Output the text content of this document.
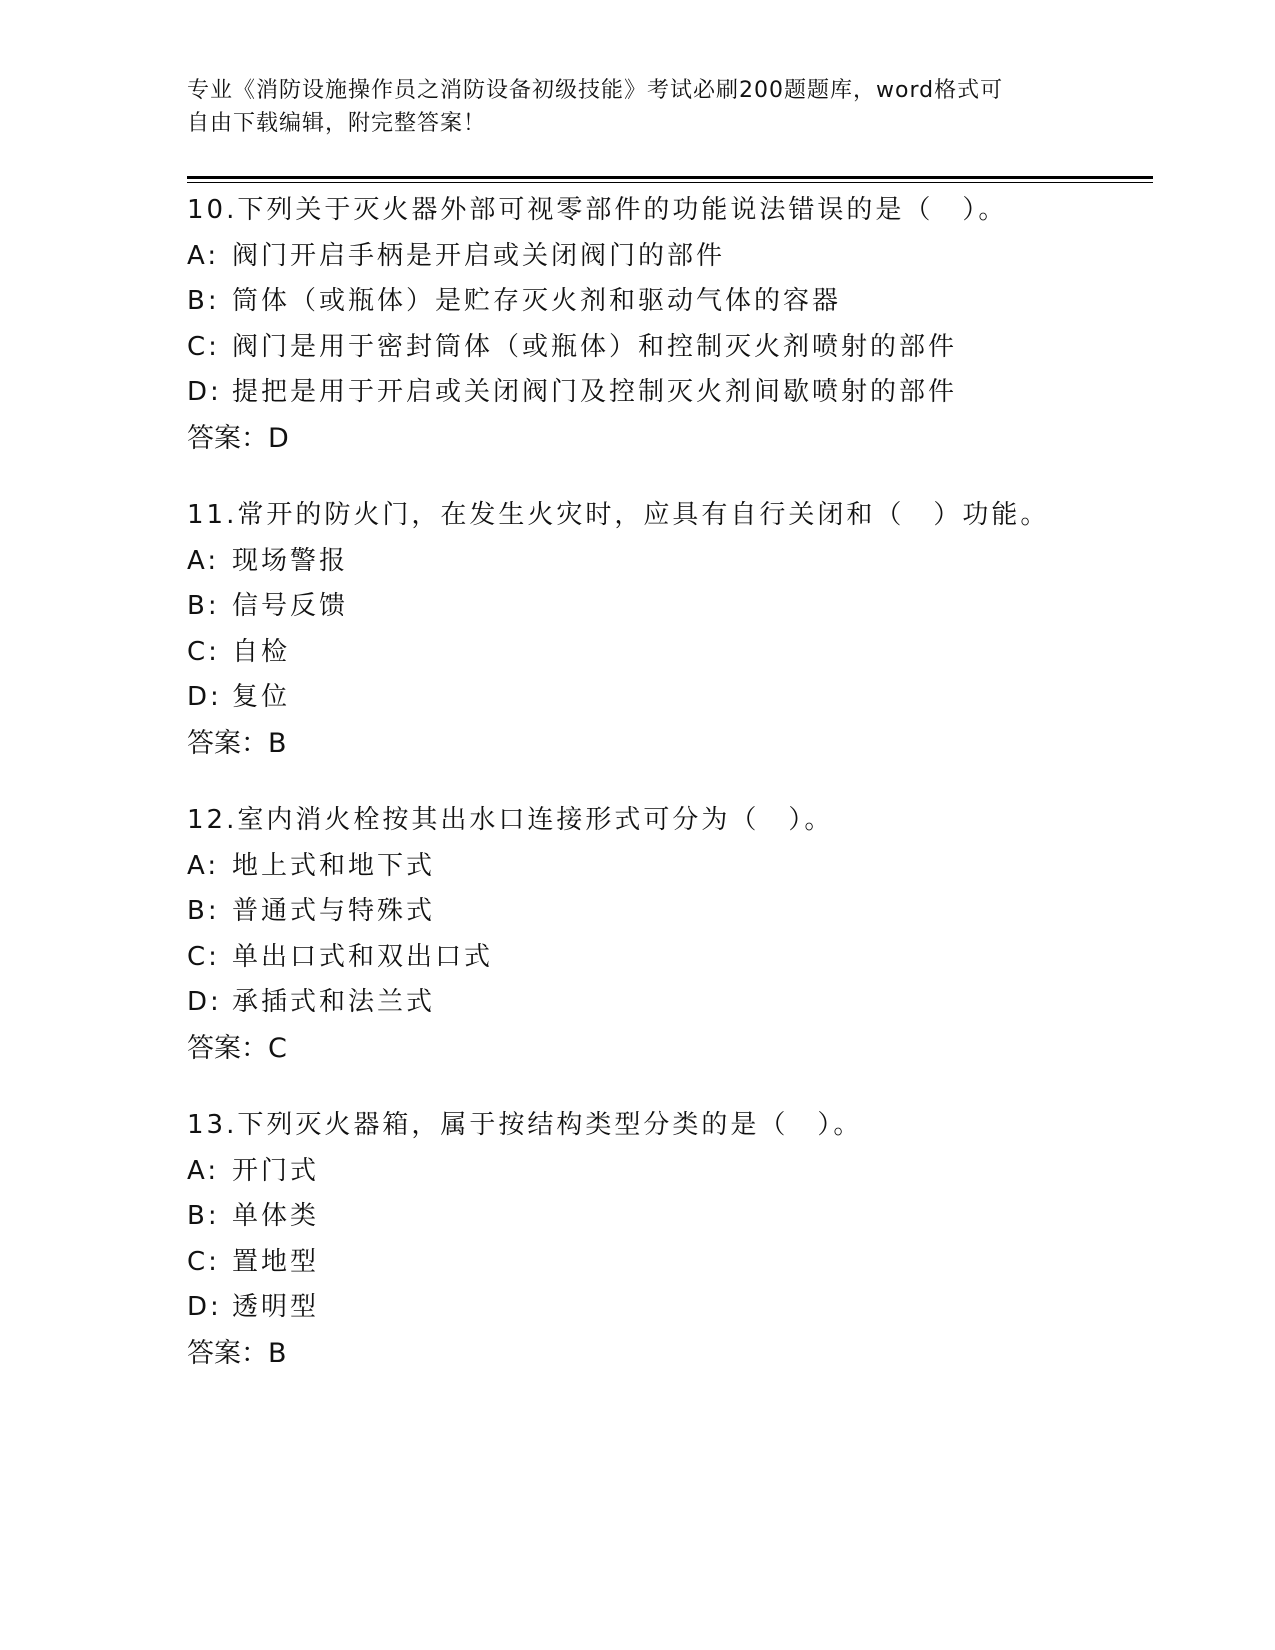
专业《消防设施操作员之消防设备初级技能》考试必刷200题题库，word格式可
自由下载编辑，附完整答案！
10.下列关于灭火器外部可视零部件的功能说法错误的是（　）。
A: 阀门开启手柄是开启或关闭阀门的部件
B: 筒体（或瓶体）是贮存灭火剂和驱动气体的容器
C: 阀门是用于密封筒体（或瓶体）和控制灭火剂喷射的部件
D: 提把是用于开启或关闭阀门及控制灭火剂间歇喷射的部件
答案：D
11.常开的防火门，在发生火灾时，应具有自行关闭和（　）功能。
A: 现场警报
B: 信号反馈
C: 自检
D: 复位
答案：B
12.室内消火栓按其出水口连接形式可分为（　）。
A: 地上式和地下式
B: 普通式与特殊式
C: 单出口式和双出口式
D: 承插式和法兰式
答案：C
13.下列灭火器箱，属于按结构类型分类的是（　）。
A: 开门式
B: 单体类
C: 置地型
D: 透明型
答案：B
